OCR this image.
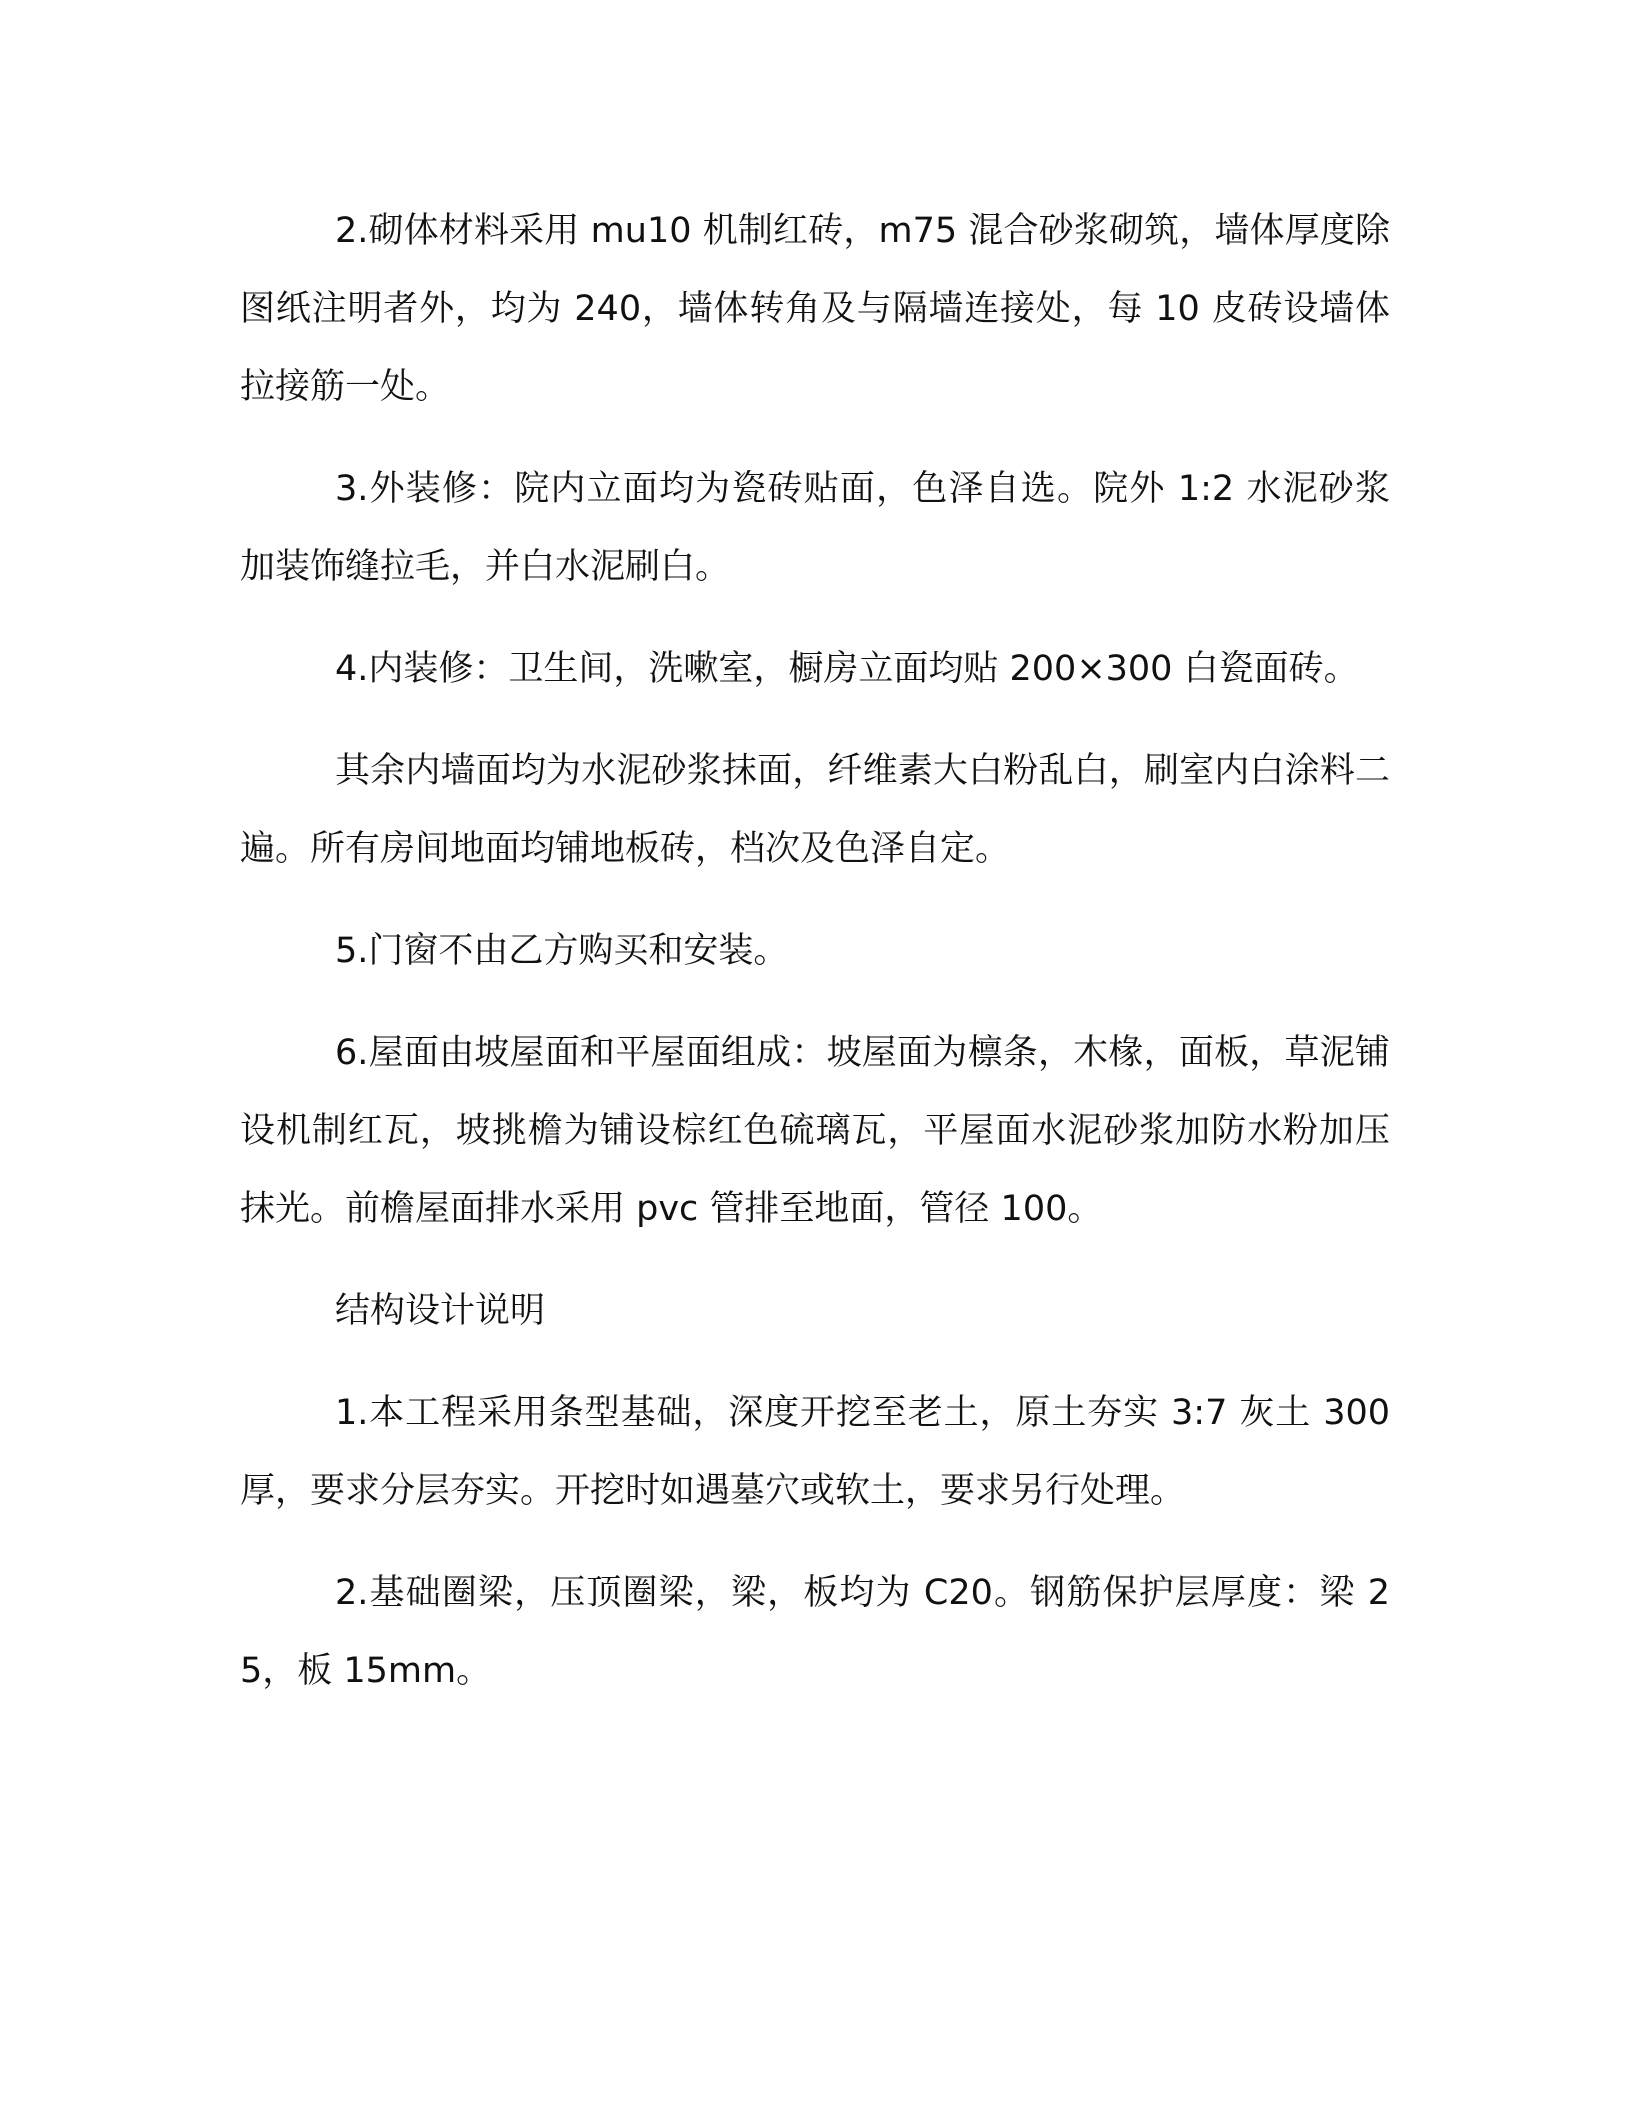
2.砌体材料采用 mu10 机制红砖，m75 混合砂浆砌筑，墙体厚度除图纸注明者外，均为 240，墙体转角及与隔墙连接处，每 10 皮砖设墙体拉接筋一处。

3.外装修：院内立面均为瓷砖贴面，色泽自选。院外 1:2 水泥砂浆加装饰缝拉毛，并白水泥刷白。

4.内装修：卫生间，洗嗽室，橱房立面均贴 200×300 白瓷面砖。

其余内墙面均为水泥砂浆抹面，纤维素大白粉乱白，刷室内白涂料二遍。所有房间地面均铺地板砖，档次及色泽自定。

5.门窗不由乙方购买和安装。

6.屋面由坡屋面和平屋面组成：坡屋面为檩条，木椽，面板，草泥铺设机制红瓦，坡挑檐为铺设棕红色硫璃瓦，平屋面水泥砂浆加防水粉加压抹光。前檐屋面排水采用 pvc 管排至地面，管径 100。

结构设计说明

1.本工程采用条型基础，深度开挖至老土，原土夯实 3:7 灰土 300 厚，要求分层夯实。开挖时如遇墓穴或软土，要求另行处理。

2.基础圈梁，压顶圈梁，梁，板均为 C20。钢筋保护层厚度：梁 25，板 15mm。
